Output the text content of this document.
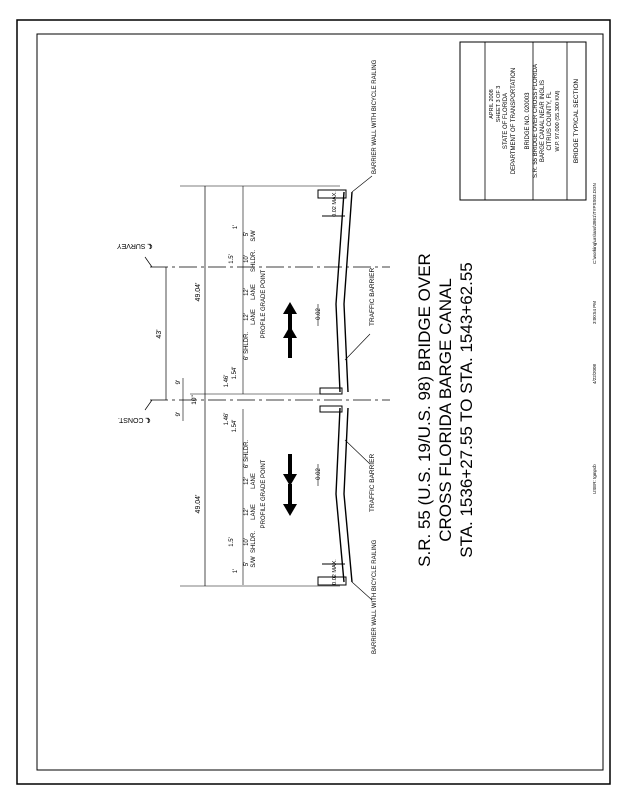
APRIL 2008 SHEET 3 OF 3 STATE OF FLORIDA DEPARTMENT OF TRANSPORTATION BRIDGE NO. 020003 S.R. 55 BRIDGE OVER CROSS FLORIDA BARGE CANAL NEAR INGLIS CITRUS COUNTY, FL W.P. 97.000 (55.300 KM) BRIDGE TYPICAL SECTION
S.R. 55 (U.S. 19/U.S. 98) BRIDGE OVER CROSS FLORIDA BARGE CANAL STA. 1536+27.55 TO STA. 1543+62.55
℄ SURVEY
℄ CONST.
43'
49.04'
49.04'
9'
9'
10"
1'
5' S/W
1.5' 10' SHLDR.
12' LANE
12' LANE
6' SHLDR.
PROFILE GRADE POINT	0.02
1.54'
1.46'
1.46'
1.54'
6' SHLDR.
12' LANE
12' LANE PROFILE GRADE POINT	0.02
10' SHLDR.
1.5'
1'
5' S/W
0.02 MAX.
0.02 MAX.
TRAFFIC BARRIER
TRAFFIC BARRIER
BARRIER WALL WITH BICYCLE RAILING
BARRIER WALL WITH BICYCLE RAILING
USER: tgmpcb
4/22/2008
3:00:54 PM
C:\working\urs\ans\3861\TYPSS03.DGN
